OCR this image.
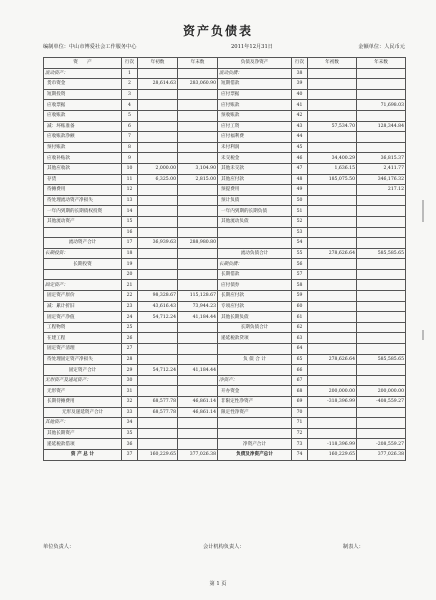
资产负债表
编制单位：中山市博爱社会工作服务中心	2011年12月31日	金额单位：人民币元
资　　产	行次	年初数	年末数	负债及净资产	行次	年初数	年末数
流动资产：	1			流动负债：	38		
货币资金	2	28,614.63	283,060.90	短期借款	39		
短期投资	3			应付票据	40		
应收票据	4			应付账款	41		71,698.03
应收账款	5			预收账款	42		
减：坏账准备	6			应付工资	43	57,534.70	128,344.84
应收账款净额	7			应付福利费	44		
预付账款	8			未付利润	45		
应收补贴款	9			未交税金	46	34,400.29	36,815.37
其他应收款	10	2,000.00	3,104.90	其他未交款	47	1,636.15	2,411.77
存货	11	6,325.00	2,815.00	其他应付款	48	185,075.50	346,176.32
待摊费用	12			预提费用	49		217.12
待处理流动资产净损失	13			预计负债	50		
一年内到期的长期债权投资	14			一年内到期的长期负债	51		
其他流动资产	15			其他流动负债	52		
	16				53		
流动资产合计	17	36,939.63	288,980.80		54		
长期投资：	18			流动负债合计	55	278,626.64	585,585.65
长期投资	19			长期负债：	56		
	20			长期借款	57		
固定资产：	21			应付债券	58		
固定资产原价	22	98,328.67	115,128.67	长期应付款	59		
减：累计折旧	23	43,616.43	73,944.23	专项应付款	60		
固定资产净值	24	54,712.24	41,184.44	其他长期负债	61		
工程物资	25			长期负债合计	62		
在建工程	26			递延税款贷项	63		
固定资产清理	27				64		
待处理固定资产净损失	28			负 债 合 计	65	278,626.64	585,585.65
固定资产合计	29	54,712.24	41,184.44		66		
无形资产及递延资产：	30			净资产：	67		
无形资产	31			开办资金	68	200,000.00	200,000.00
长期待摊费用	32	68,577.78	46,861.14	非限定性净资产	69	-318,396.99	-408,559.27
无形及递延资产合计	33	68,577.78	46,861.14	限定性净资产	70		
其他资产：	34				71		
其他长期资产	35				72		
递延税款借项	36			净资产合计	73	-118,396.99	-208,559.27
资 产 总 计	37	160,229.65	377,026.38	负债及净资产总计	74	160,229.65	377,026.38
单位负责人：	会计机构负责人：	制表人：
第 1 页
